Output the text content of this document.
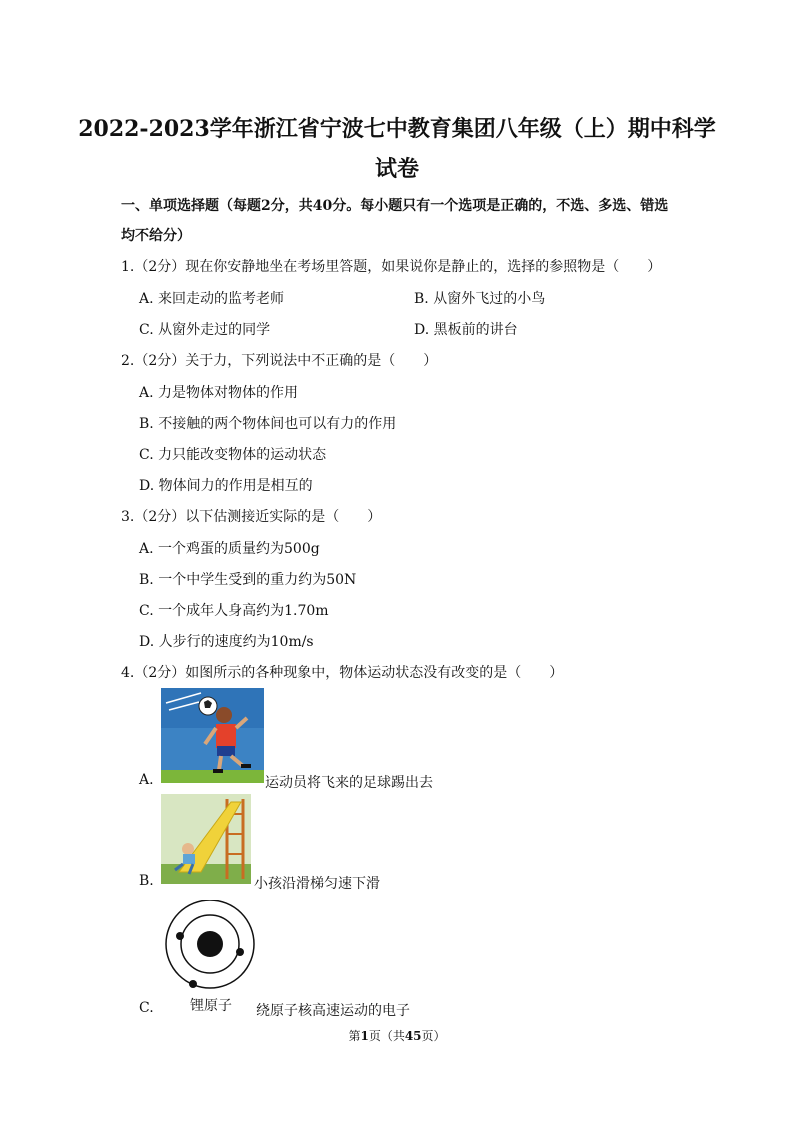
2022-2023学年浙江省宁波七中教育集团八年级（上）期中科学
试卷
一、单项选择题（每题2分，共40分。每小题只有一个选项是正确的，不选、多选、错选
均不给分）
1.（2分）现在你安静地坐在考场里答题，如果说你是静止的，选择的参照物是（　　）
A. 来回走动的监考老师	B. 从窗外飞过的小鸟
C. 从窗外走过的同学	D. 黑板前的讲台
2.（2分）关于力，下列说法中不正确的是（　　）
A. 力是物体对物体的作用
B. 不接触的两个物体间也可以有力的作用
C. 力只能改变物体的运动状态
D. 物体间力的作用是相互的
3.（2分）以下估测接近实际的是（　　）
A. 一个鸡蛋的质量约为500g
B. 一个中学生受到的重力约为50N
C. 一个成年人身高约为1.70m
D. 人步行的速度约为10m/s
4.（2分）如图所示的各种现象中，物体运动状态没有改变的是（　　）
A.	运动员将飞来的足球踢出去
B.	小孩沿滑梯匀速下滑
锂原子
C.	绕原子核高速运动的电子
第1页（共45页）
